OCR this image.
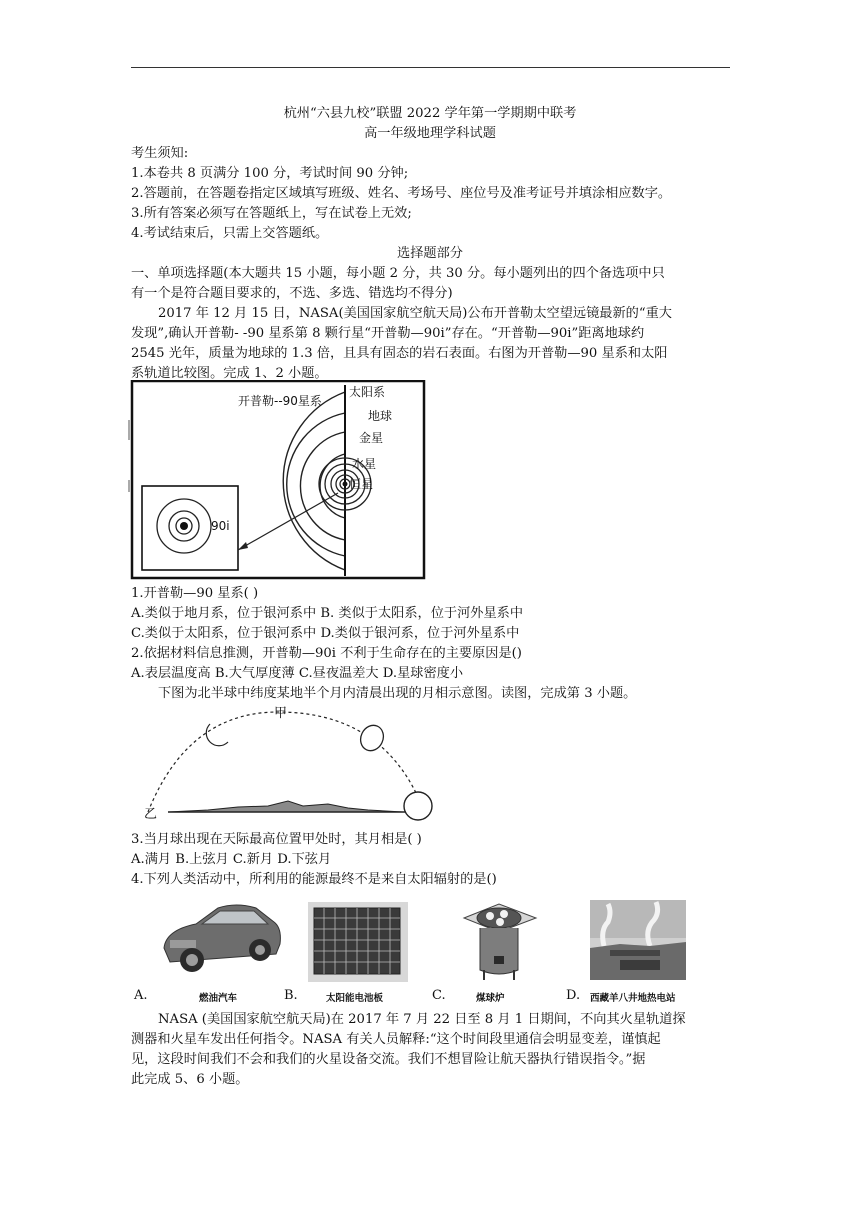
杭州“六县九校”联盟 2022 学年第一学期期中联考
高一年级地理学科试题
考生须知:
1.本卷共 8 页满分 100 分，考试时间 90 分钟;
2.答题前，在答题卷指定区域填写班级、姓名、考场号、座位号及准考证号并填涂相应数字。
3.所有答案必须写在答题纸上，写在试卷上无效;
4.考试结束后，只需上交答题纸。
选择题部分
一、单项选择题(本大题共 15 小题，每小题 2 分，共 30 分。每小题列出的四个备选项中只
有一个是符合题目要求的，不选、多选、错选均不得分)
2017 年 12 月 15 日，NASA(美国国家航空航天局)公布开普勒太空望远镜最新的“重大
发现”,确认开普勒- -90 星系第 8 颗行星“开普勒—90i”存在。“开普勒—90i”距离地球约
2545 光年，质量为地球的 1.3 倍，且具有固态的岩石表面。右图为开普勒—90 星系和太阳
系轨道比较图。完成 1、2 小题。
开普勒--90星系
太阳系
地球
金星
水星
恒星
90i
1.开普勒—90 星系( )
A.类似于地月系，位于银河系中 B. 类似于太阳系，位于河外星系中
C.类似于太阳系，位于银河系中 D.类似于银河系，位于河外星系中
2.依据材料信息推测，开普勒—90i 不利于生命存在的主要原因是()
A.表层温度高 B.大气厚度薄 C.昼夜温差大 D.星球密度小
下图为北半球中纬度某地半个月内清晨出现的月相示意图。读图，完成第 3 小题。
甲
乙
3.当月球出现在天际最高位置甲处时，其月相是( )
A.满月 B.上弦月 C.新月 D.下弦月
4.下列人类活动中，所利用的能源最终不是来自太阳辐射的是()
A.	燃油汽车	B.	太阳能电池板	C.	煤球炉	D. 西藏羊八井地热电站
NASA (美国国家航空航天局)在 2017 年 7 月 22 日至 8 月 1 日期间，不向其火星轨道探
测器和火星车发出任何指令。NASA 有关人员解释:“这个时间段里通信会明显变差，谨慎起
见，这段时间我们不会和我们的火星设备交流。我们不想冒险让航天器执行错误指令。”据
此完成 5、6 小题。
